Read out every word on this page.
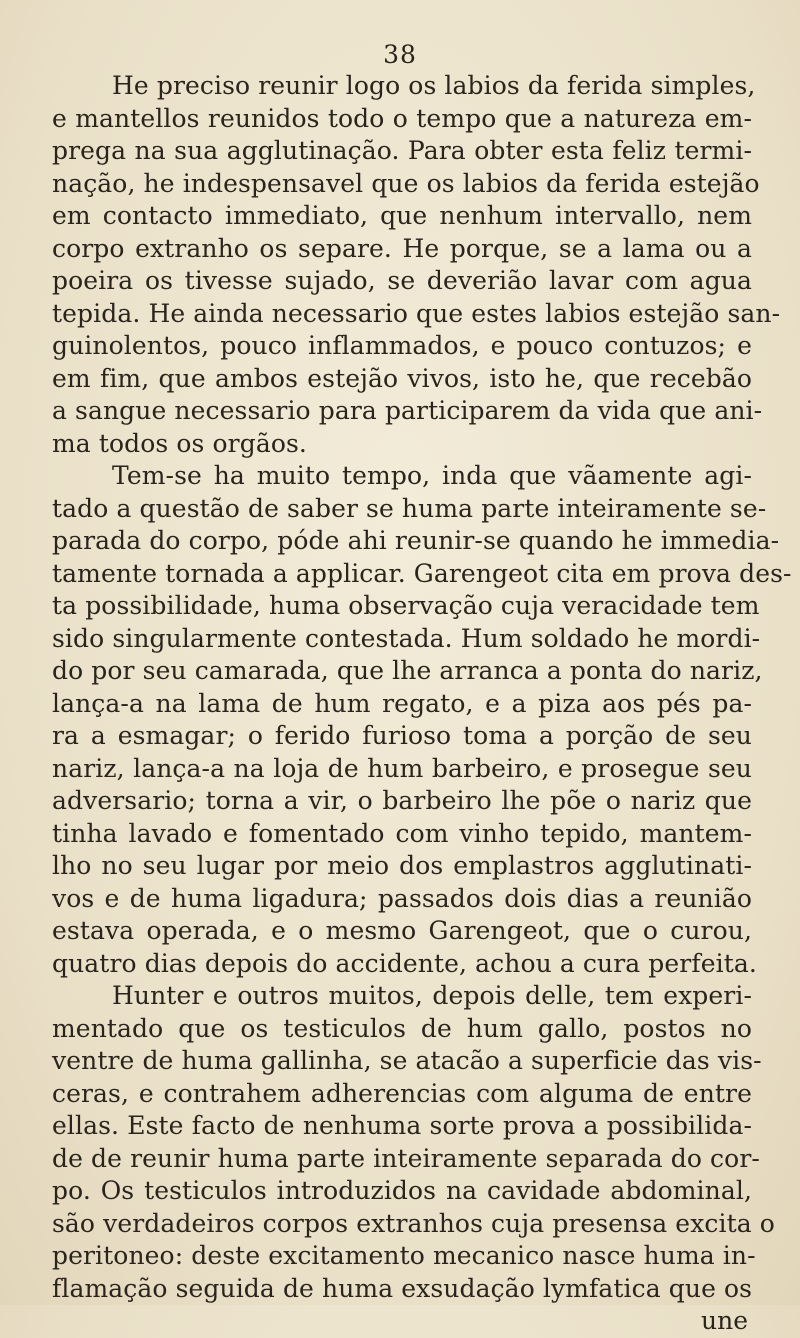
38
He preciso reunir logo os labios da ferida simples,
e mantellos reunidos todo o tempo que a natureza em-
prega na sua agglutinação. Para obter esta feliz termi-
nação, he indespensavel que os labios da ferida estejão
em contacto immediato, que nenhum intervallo, nem
corpo extranho os separe. He porque, se a lama ou a
poeira os tivesse sujado, se deverião lavar com agua
tepida. He ainda necessario que estes labios estejão san-
guinolentos, pouco inflammados, e pouco contuzos; e
em fim, que ambos estejão vivos, isto he, que recebão
a sangue necessario para participarem da vida que ani-
ma todos os orgãos.
Tem-se ha muito tempo, inda que vãamente agi-
tado a questão de saber se huma parte inteiramente se-
parada do corpo, póde ahi reunir-se quando he immedia-
tamente tornada a applicar. Garengeot cita em prova des-
ta possibilidade, huma observação cuja veracidade tem
sido singularmente contestada. Hum soldado he mordi-
do por seu camarada, que lhe arranca a ponta do nariz,
lança-a na lama de hum regato, e a piza aos pés pa-
ra a esmagar; o ferido furioso toma a porção de seu
nariz, lança-a na loja de hum barbeiro, e prosegue seu
adversario; torna a vir, o barbeiro lhe põe o nariz que
tinha lavado e fomentado com vinho tepido, mantem-
lho no seu lugar por meio dos emplastros agglutinati-
vos e de huma ligadura; passados dois dias a reunião
estava operada, e o mesmo Garengeot, que o curou,
quatro dias depois do accidente, achou a cura perfeita.
Hunter e outros muitos, depois delle, tem experi-
mentado que os testiculos de hum gallo, postos no
ventre de huma gallinha, se atacão a superficie das vis-
ceras, e contrahem adherencias com alguma de entre
ellas. Este facto de nenhuma sorte prova a possibilida-
de de reunir huma parte inteiramente separada do cor-
po. Os testiculos introduzidos na cavidade abdominal,
são verdadeiros corpos extranhos cuja presensa excita o
peritoneo: deste excitamento mecanico nasce huma in-
flamação seguida de huma exsudação lymfatica que os
une
